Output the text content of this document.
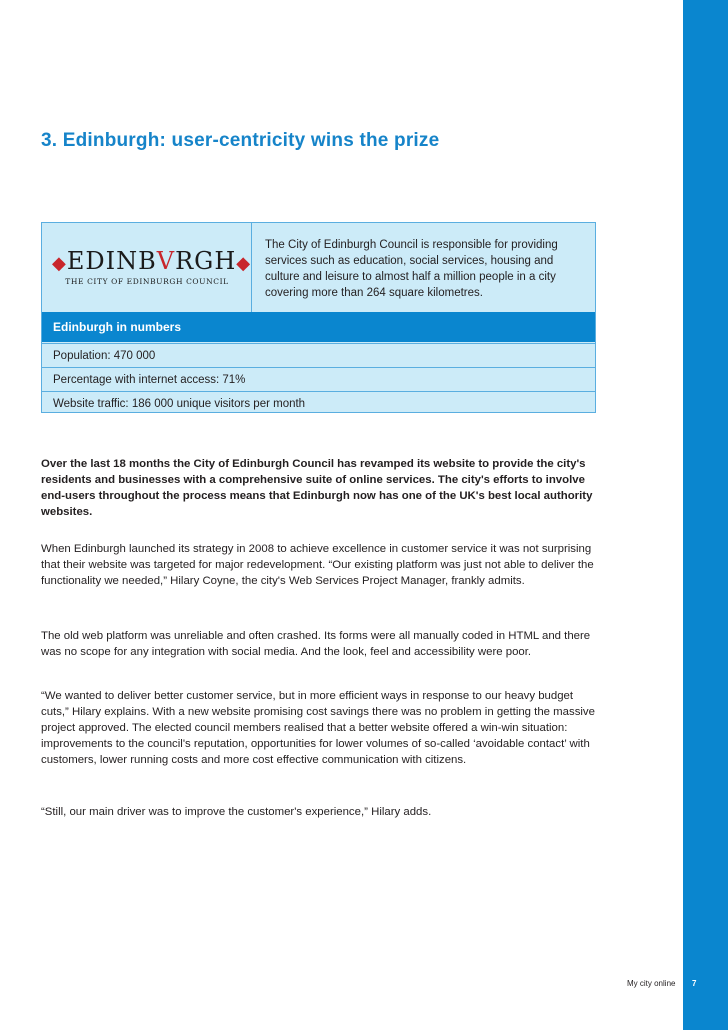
3. Edinburgh: user-centricity wins the prize
◆EDINBVRGH◆
THE CITY OF EDINBURGH COUNCIL
The City of Edinburgh Council is responsible for providing services such as education, social services, housing and culture and leisure to almost half a million people in a city covering more than 264 square kilometres.
Edinburgh in numbers
Population: 470 000
Percentage with internet access: 71%
Website traffic: 186 000 unique visitors per month

Over the last 18 months the City of Edinburgh Council has revamped its website to provide the city's residents and businesses with a comprehensive suite of online services. The city's efforts to involve end-users throughout the process means that Edinburgh now has one of the UK's best local authority websites.

When Edinburgh launched its strategy in 2008 to achieve excellence in customer service it was not surprising that their website was targeted for major redevelopment. “Our existing platform was just not able to deliver the functionality we needed,” Hilary Coyne, the city's Web Services Project Manager, frankly admits.

The old web platform was unreliable and often crashed. Its forms were all manually coded in HTML and there was no scope for any integration with social media. And the look, feel and accessibility were poor.

“We wanted to deliver better customer service, but in more efficient ways in response to our heavy budget cuts,” Hilary explains. With a new website promising cost savings there was no problem in getting the massive project approved. The elected council members realised that a better website offered a win-win situation: improvements to the council's reputation, opportunities for lower volumes of so-called ‘avoidable contact’ with customers, lower running costs and more cost effective communication with citizens.

“Still, our main driver was to improve the customer's experience,” Hilary adds.

My city online 7
